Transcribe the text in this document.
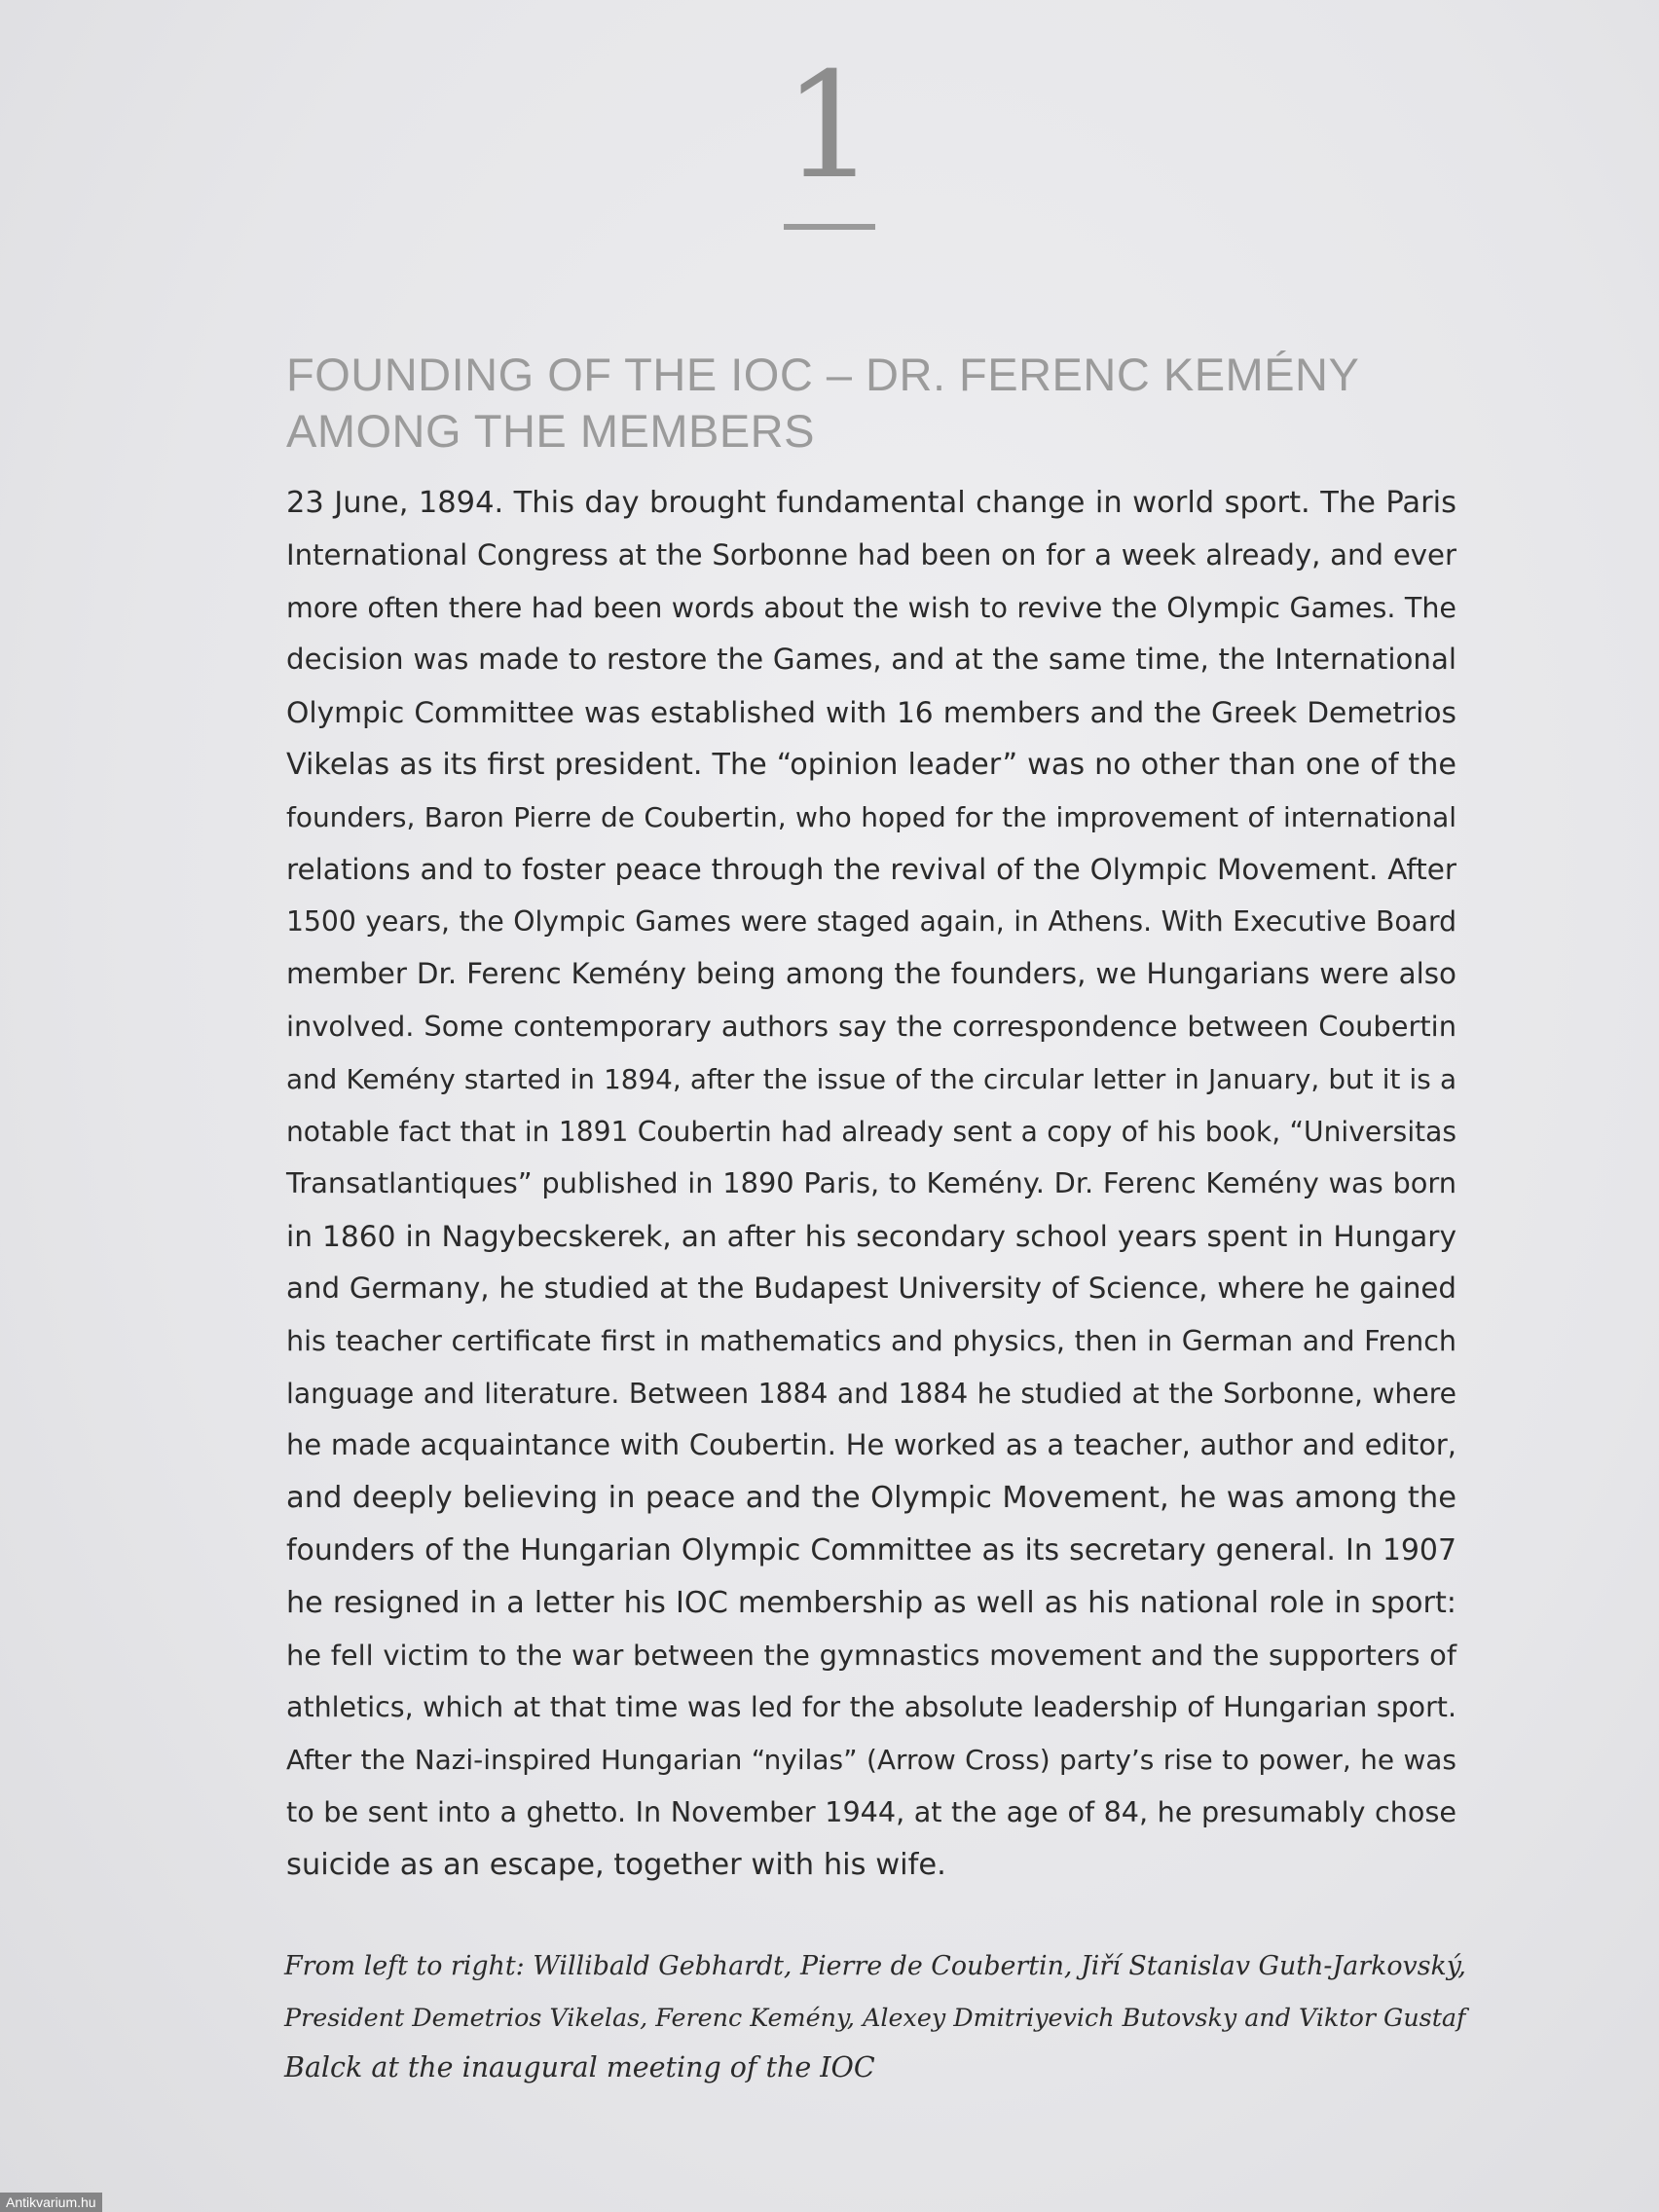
1
FOUNDING OF THE IOC – DR. FERENC KEMÉNY
AMONG THE MEMBERS
23 June, 1894. This day brought fundamental change in world sport. The Paris
International Congress at the Sorbonne had been on for a week already, and ever
more often there had been words about the wish to revive the Olympic Games. The
decision was made to restore the Games, and at the same time, the International
Olympic Committee was established with 16 members and the Greek Demetrios
Vikelas as its first president. The “opinion leader” was no other than one of the
founders, Baron Pierre de Coubertin, who hoped for the improvement of international
relations and to foster peace through the revival of the Olympic Movement. After
1500 years, the Olympic Games were staged again, in Athens. With Executive Board
member Dr. Ferenc Kemény being among the founders, we Hungarians were also
involved. Some contemporary authors say the correspondence between Coubertin
and Kemény started in 1894, after the issue of the circular letter in January, but it is a
notable fact that in 1891 Coubertin had already sent a copy of his book, “Universitas
Transatlantiques” published in 1890 Paris, to Kemény. Dr. Ferenc Kemény was born
in 1860 in Nagybecskerek, an after his secondary school years spent in Hungary
and Germany, he studied at the Budapest University of Science, where he gained
his teacher certificate first in mathematics and physics, then in German and French
language and literature. Between 1884 and 1884 he studied at the Sorbonne, where
he made acquaintance with Coubertin. He worked as a teacher, author and editor,
and deeply believing in peace and the Olympic Movement, he was among the
founders of the Hungarian Olympic Committee as its secretary general. In 1907
he resigned in a letter his IOC membership as well as his national role in sport:
he fell victim to the war between the gymnastics movement and the supporters of
athletics, which at that time was led for the absolute leadership of Hungarian sport.
After the Nazi-inspired Hungarian “nyilas” (Arrow Cross) party’s rise to power, he was
to be sent into a ghetto. In November 1944, at the age of 84, he presumably chose
suicide as an escape, together with his wife.
From left to right: Willibald Gebhardt, Pierre de Coubertin, Jiří Stanislav Guth-Jarkovský,
President Demetrios Vikelas, Ferenc Kemény, Alexey Dmitriyevich Butovsky and Viktor Gustaf
Balck at the inaugural meeting of the IOC
Antikvarium.hu
